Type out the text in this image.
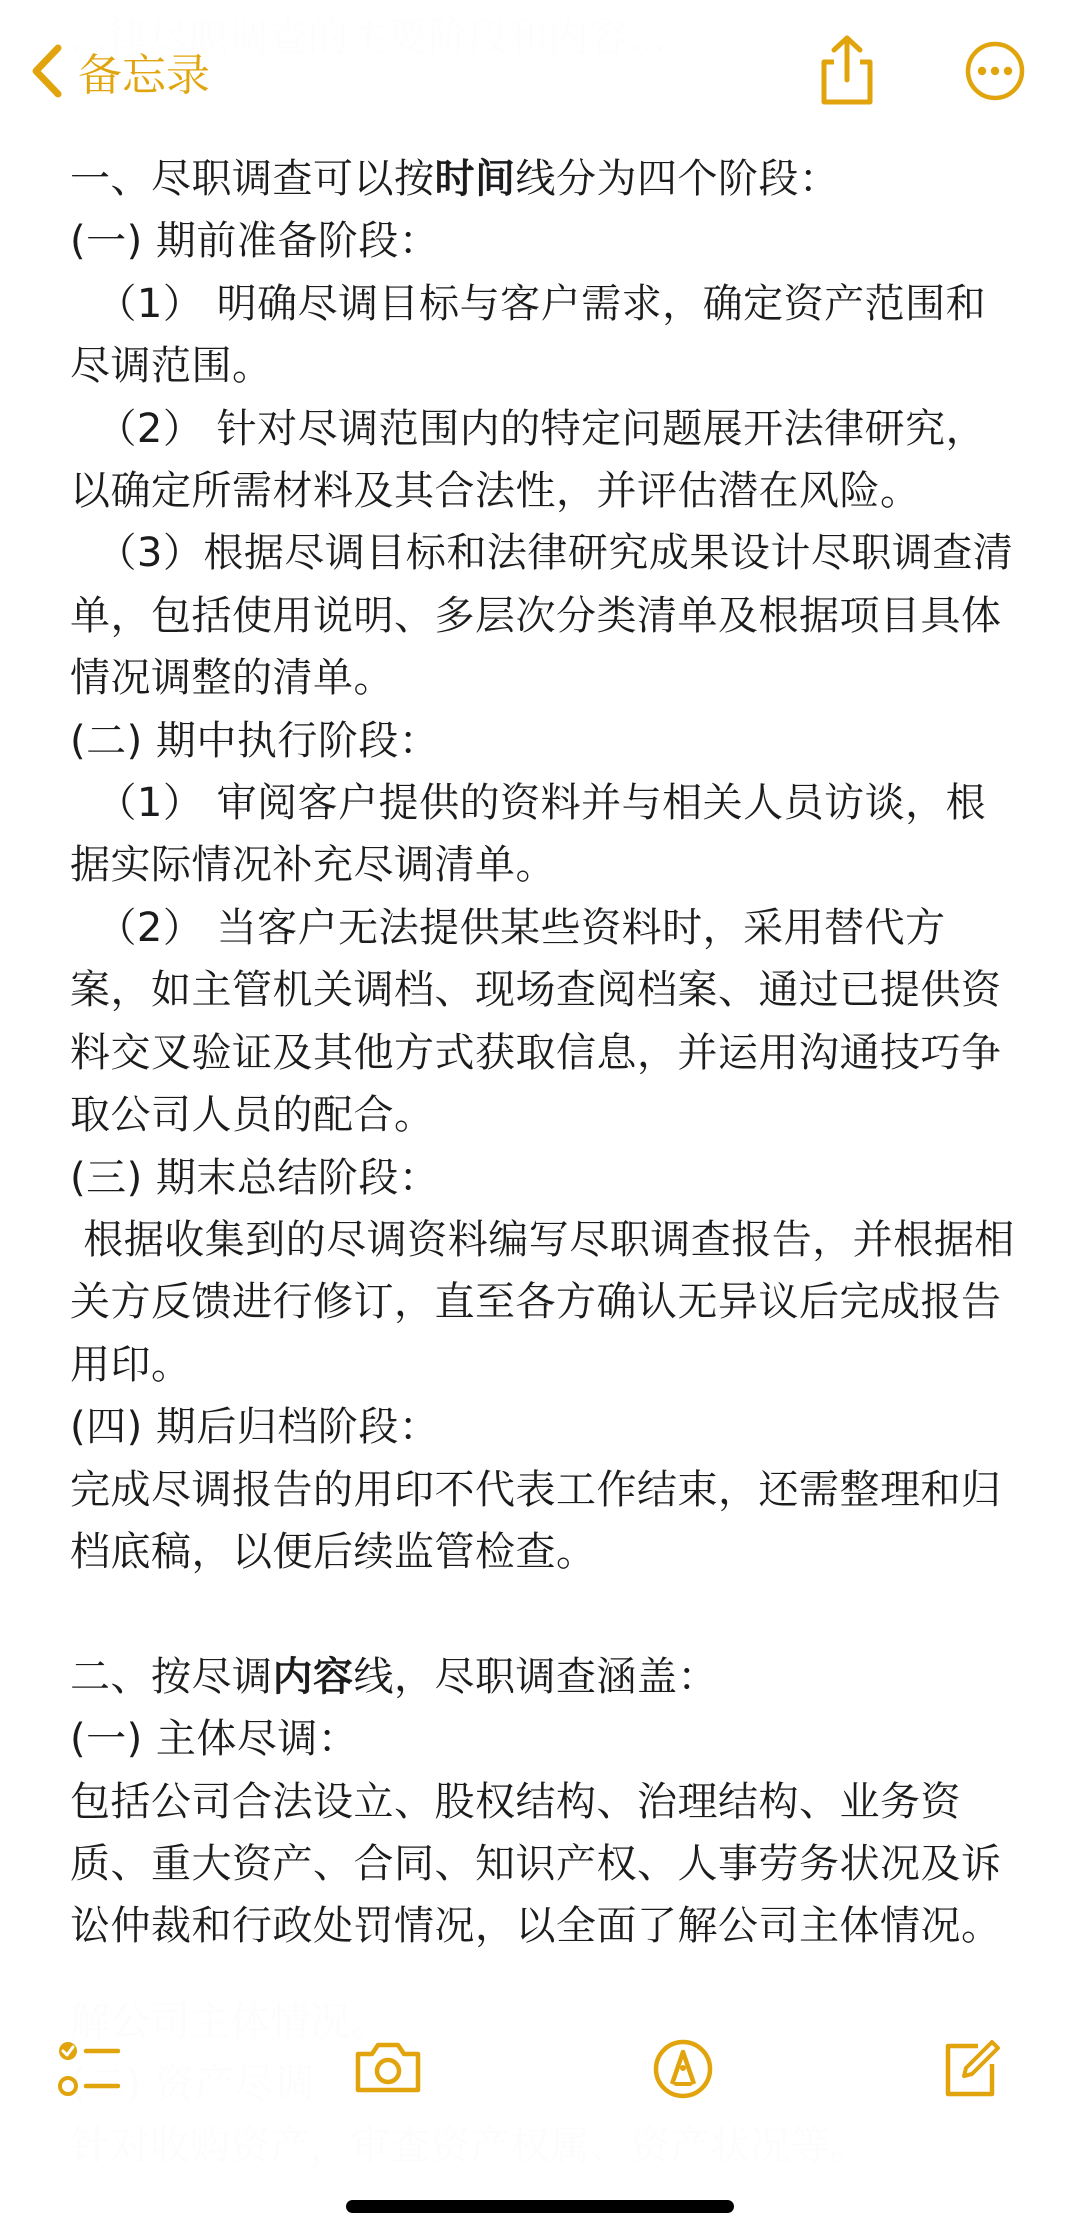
一、尽职调查可以按时间线分为四个阶段：

(一) 期前准备阶段：

（1） 明确尽调目标与客户需求，确定资产范围和尽调范围。

（2） 针对尽调范围内的特定问题展开法律研究，以确定所需材料及其合法性，并评估潜在风险。

（3）根据尽调目标和法律研究成果设计尽职调查清单，包括使用说明、多层次分类清单及根据项目具体情况调整的清单。

(二) 期中执行阶段：

（1） 审阅客户提供的资料并与相关人员访谈，根据实际情况补充尽调清单。

（2） 当客户无法提供某些资料时，采用替代方案，如主管机关调档、现场查阅档案、通过已提供资料交叉验证及其他方式获取信息，并运用沟通技巧争取公司人员的配合。

(三) 期末总结阶段：

根据收集到的尽调资料编写尽职调查报告，并根据相关方反馈进行修订，直至各方确认无异议后完成报告用印。

(四) 期后归档阶段：

完成尽调报告的用印不代表工作结束，还需整理和归档底稿，以便后续监管检查。

二、按尽调内容线，尽职调查涵盖：

(一) 主体尽调：

包括公司合法设立、股权结构、治理结构、业务资质、重大资产、合同、知识产权、人事劳务状况及诉讼仲裁和行政处罚情况，以全面了解公司主体情况。

备忘录
